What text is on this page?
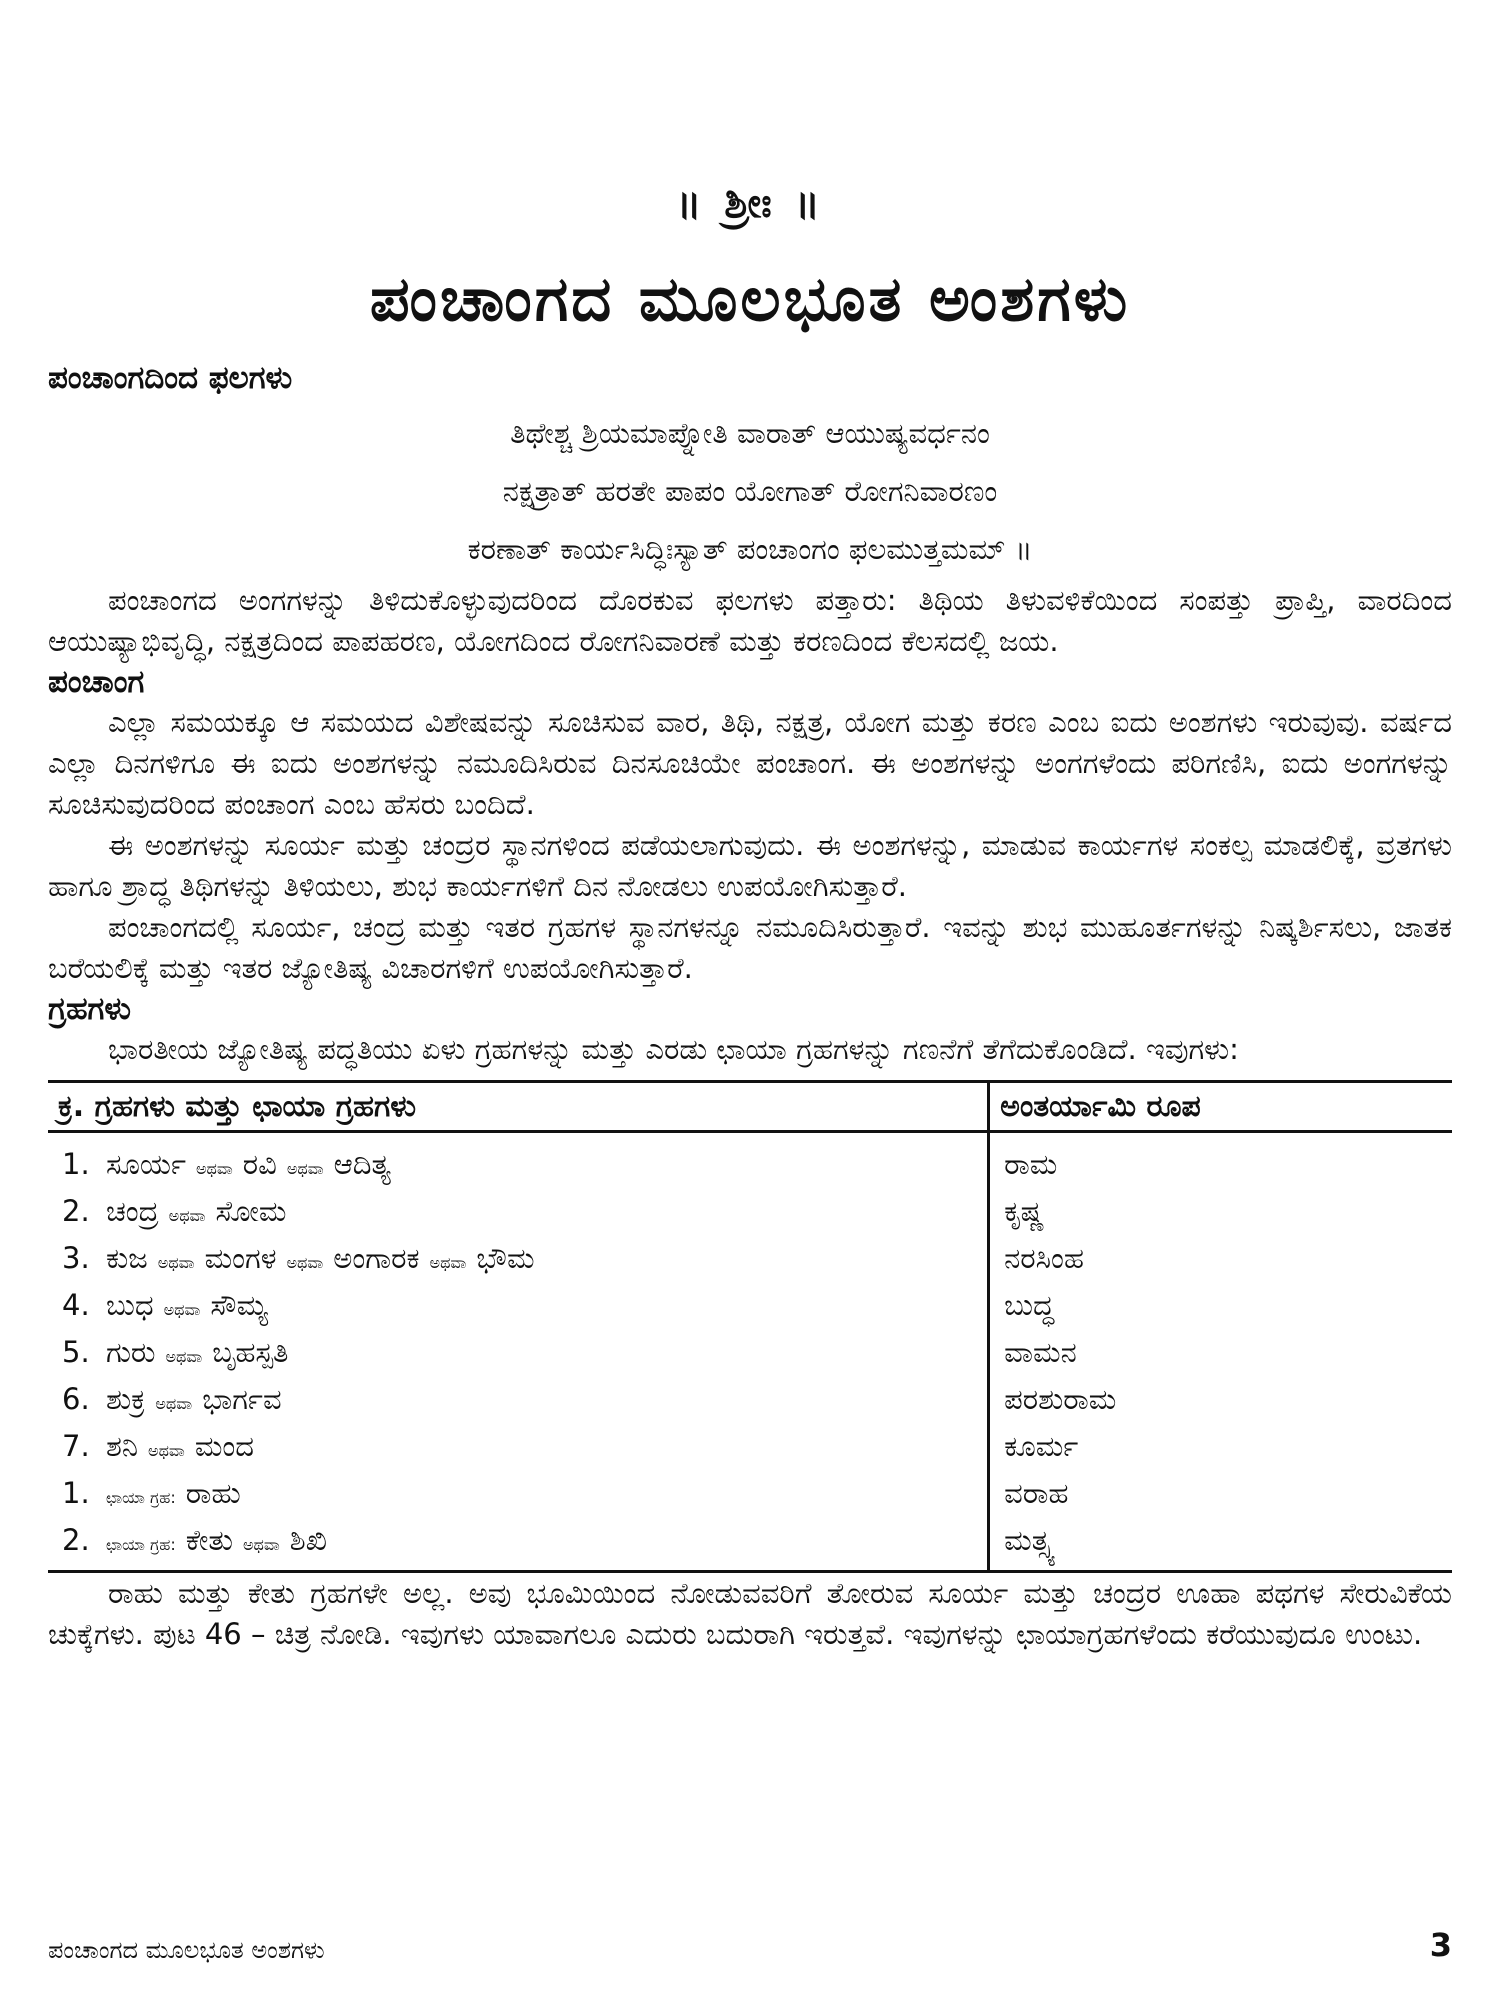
॥ ಶ್ರೀಃ ॥
ಪಂಚಾಂಗದ ಮೂಲಭೂತ ಅಂಶಗಳು
ಪಂಚಾಂಗದಿಂದ ಫಲಗಳು
ತಿಥೇಶ್ಚ ಶ್ರಿಯಮಾಪ್ನೋತಿ ವಾರಾತ್ ಆಯುಷ್ಯವರ್ಧನಂ
ನಕ್ಷತ್ರಾತ್ ಹರತೇ ಪಾಪಂ ಯೋಗಾತ್ ರೋಗನಿವಾರಣಂ
ಕರಣಾತ್ ಕಾರ್ಯಸಿದ್ಧಿಃಸ್ಯಾತ್ ಪಂಚಾಂಗಂ ಫಲಮುತ್ತಮಮ್ ॥

ಪಂಚಾಂಗದ ಅಂಗಗಳನ್ನು ತಿಳಿದುಕೊಳ್ಳುವುದರಿಂದ ದೊರಕುವ ಫಲಗಳು ಪತ್ತಾರು: ತಿಥಿಯ ತಿಳುವಳಿಕೆಯಿಂದ ಸಂಪತ್ತು ಪ್ರಾಪ್ತಿ, ವಾರದಿಂದ ಆಯುಷ್ಯಾಭಿವೃದ್ಧಿ, ನಕ್ಷತ್ರದಿಂದ ಪಾಪಹರಣ, ಯೋಗದಿಂದ ರೋಗನಿವಾರಣೆ ಮತ್ತು ಕರಣದಿಂದ ಕೆಲಸದಲ್ಲಿ ಜಯ.

ಪಂಚಾಂಗ

ಎಲ್ಲಾ ಸಮಯಕ್ಕೂ ಆ ಸಮಯದ ವಿಶೇಷವನ್ನು ಸೂಚಿಸುವ ವಾರ, ತಿಥಿ, ನಕ್ಷತ್ರ, ಯೋಗ ಮತ್ತು ಕರಣ ಎಂಬ ಐದು ಅಂಶಗಳು ಇರುವುವು. ವರ್ಷದ ಎಲ್ಲಾ ದಿನಗಳಿಗೂ ಈ ಐದು ಅಂಶಗಳನ್ನು ನಮೂದಿಸಿರುವ ದಿನಸೂಚಿಯೇ ಪಂಚಾಂಗ. ಈ ಅಂಶಗಳನ್ನು ಅಂಗಗಳೆಂದು ಪರಿಗಣಿಸಿ, ಐದು ಅಂಗಗಳನ್ನು ಸೂಚಿಸುವುದರಿಂದ ಪಂಚಾಂಗ ಎಂಬ ಹೆಸರು ಬಂದಿದೆ.

ಈ ಅಂಶಗಳನ್ನು ಸೂರ್ಯ ಮತ್ತು ಚಂದ್ರರ ಸ್ಥಾನಗಳಿಂದ ಪಡೆಯಲಾಗುವುದು. ಈ ಅಂಶಗಳನ್ನು, ಮಾಡುವ ಕಾರ್ಯಗಳ ಸಂಕಲ್ಪ ಮಾಡಲಿಕ್ಕೆ, ವ್ರತಗಳು ಹಾಗೂ ಶ್ರಾದ್ಧ ತಿಥಿಗಳನ್ನು ತಿಳಿಯಲು, ಶುಭ ಕಾರ್ಯಗಳಿಗೆ ದಿನ ನೋಡಲು ಉಪಯೋಗಿಸುತ್ತಾರೆ.

ಪಂಚಾಂಗದಲ್ಲಿ ಸೂರ್ಯ, ಚಂದ್ರ ಮತ್ತು ಇತರ ಗ್ರಹಗಳ ಸ್ಥಾನಗಳನ್ನೂ ನಮೂದಿಸಿರುತ್ತಾರೆ. ಇವನ್ನು ಶುಭ ಮುಹೂರ್ತಗಳನ್ನು ನಿಷ್ಕರ್ಶಿಸಲು, ಜಾತಕ ಬರೆಯಲಿಕ್ಕೆ ಮತ್ತು ಇತರ ಜ್ಯೋತಿಷ್ಯ ವಿಚಾರಗಳಿಗೆ ಉಪಯೋಗಿಸುತ್ತಾರೆ.

ಗ್ರಹಗಳು

ಭಾರತೀಯ ಜ್ಯೋತಿಷ್ಯ ಪದ್ಧತಿಯು ಏಳು ಗ್ರಹಗಳನ್ನು ಮತ್ತು ಎರಡು ಛಾಯಾ ಗ್ರಹಗಳನ್ನು ಗಣನೆಗೆ ತೆಗೆದುಕೊಂಡಿದೆ. ಇವುಗಳು:

ಕ್ರ. ಗ್ರಹಗಳು ಮತ್ತು ಛಾಯಾ ಗ್ರಹಗಳು	ಅಂತರ್ಯಾಮಿ ರೂಪ
1. ಸೂರ್ಯ ಅಥವಾ ರವಿ ಅಥವಾ ಆದಿತ್ಯ	ರಾಮ
2. ಚಂದ್ರ ಅಥವಾ ಸೋಮ	ಕೃಷ್ಣ
3. ಕುಜ ಅಥವಾ ಮಂಗಳ ಅಥವಾ ಅಂಗಾರಕ ಅಥವಾ ಭೌಮ	ನರಸಿಂಹ
4. ಬುಧ ಅಥವಾ ಸೌಮ್ಯ	ಬುದ್ಧ
5. ಗುರು ಅಥವಾ ಬೃಹಸ್ಪತಿ	ವಾಮನ
6. ಶುಕ್ರ ಅಥವಾ ಭಾರ್ಗವ	ಪರಶುರಾಮ
7. ಶನಿ ಅಥವಾ ಮಂದ	ಕೂರ್ಮ
1. ಛಾಯಾ ಗ್ರಹ: ರಾಹು	ವರಾಹ
2. ಛಾಯಾ ಗ್ರಹ: ಕೇತು ಅಥವಾ ಶಿಖಿ	ಮತ್ಸ್ಯ

ರಾಹು ಮತ್ತು ಕೇತು ಗ್ರಹಗಳೇ ಅಲ್ಲ. ಅವು ಭೂಮಿಯಿಂದ ನೋಡುವವರಿಗೆ ತೋರುವ ಸೂರ್ಯ ಮತ್ತು ಚಂದ್ರರ ಊಹಾ ಪಥಗಳ ಸೇರುವಿಕೆಯ ಚುಕ್ಕೆಗಳು. ಪುಟ 46 – ಚಿತ್ರ ನೋಡಿ. ಇವುಗಳು ಯಾವಾಗಲೂ ಎದುರು ಬದುರಾಗಿ ಇರುತ್ತವೆ. ಇವುಗಳನ್ನು ಛಾಯಾಗ್ರಹಗಳೆಂದು ಕರೆಯುವುದೂ ಉಂಟು.

ಪಂಚಾಂಗದ ಮೂಲಭೂತ ಅಂಶಗಳು	3
